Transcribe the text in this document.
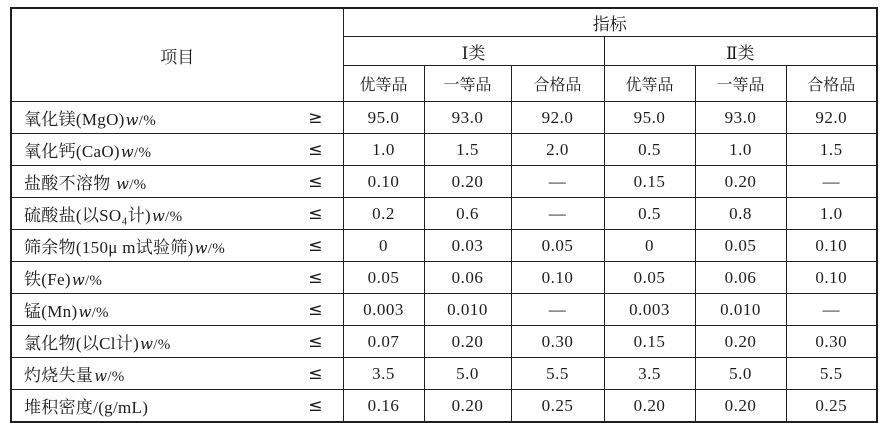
项目	指标					
	Ⅰ类			Ⅱ类		
	优等品	一等品	合格品	优等品	一等品	合格品

氧化镁(MgO)w/% ≥	95.0	93.0	92.0	95.0	93.0	92.0

氧化钙(CaO)w/% ≤	1.0	1.5	2.0	0.5	1.0	1.5

盐酸不溶物 w/% ≤	0.10	0.20	—	0.15	0.20	—

硫酸盐(以SO₄计)w/% ≤	0.2	0.6	—	0.5	0.8	1.0

筛余物(150μ m试验筛)w/% ≤	0	0.03	0.05	0	0.05	0.10

铁(Fe)w/% ≤	0.05	0.06	0.10	0.05	0.06	0.10

锰(Mn)w/% ≤	0.003	0.010	—	0.003	0.010	—

氯化物(以Cl计)w/% ≤	0.07	0.20	0.30	0.15	0.20	0.30

灼烧失量w/% ≤	3.5	5.0	5.5	3.5	5.0	5.5

堆积密度/(g/mL) ≤	0.16	0.20	0.25	0.20	0.20	0.25
